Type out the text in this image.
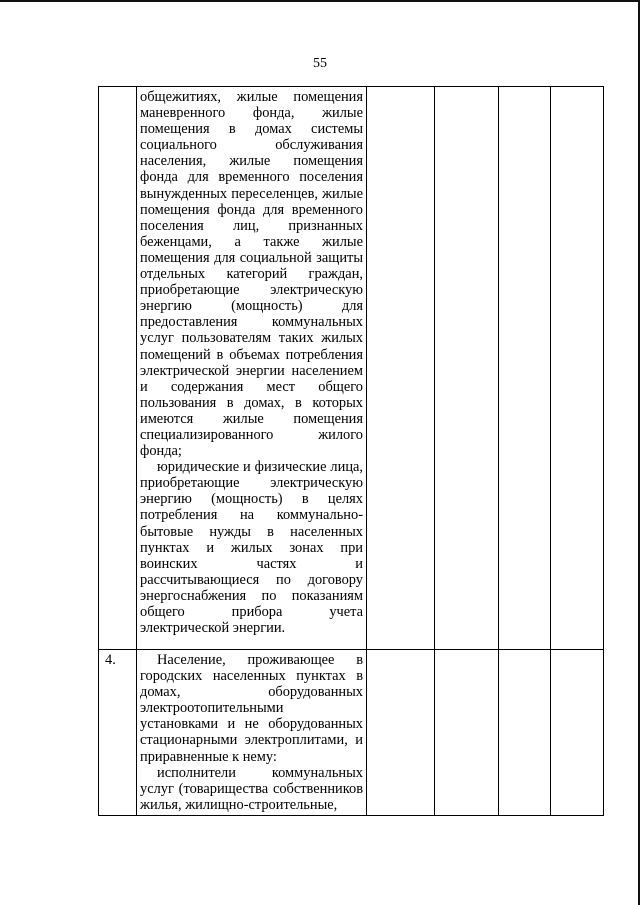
55

	общежитиях, жилые помещения маневренного фонда, жилые помещения в домах системы социального обслуживания населения, жилые помещения фонда для временного поселения вынужденных переселенцев, жилые помещения фонда для временного поселения лиц, признанных беженцами, а также жилые помещения для социальной защиты отдельных категорий граждан, приобретающие электрическую энергию (мощность) для предоставления коммунальных услуг пользователям таких жилых помещений в объемах потребления электрической энергии населением и содержания мест общего пользования в домах, в которых имеются жилые помещения специализированного жилого фонда;

юридические и физические лица, приобретающие электрическую энергию (мощность) в целях потребления на коммунально-бытовые нужды в населенных пунктах и жилых зонах при воинских частях и рассчитывающиеся по договору энергоснабжения по показаниям общего прибора учета электрической энергии.				

4.	Население, проживающее в городских населенных пунктах в домах, оборудованных электроотопительными установками и не оборудованных стационарными электроплитами, и приравненные к нему:

исполнители коммунальных услуг (товарищества собственников жилья, жилищно-строительные,				
